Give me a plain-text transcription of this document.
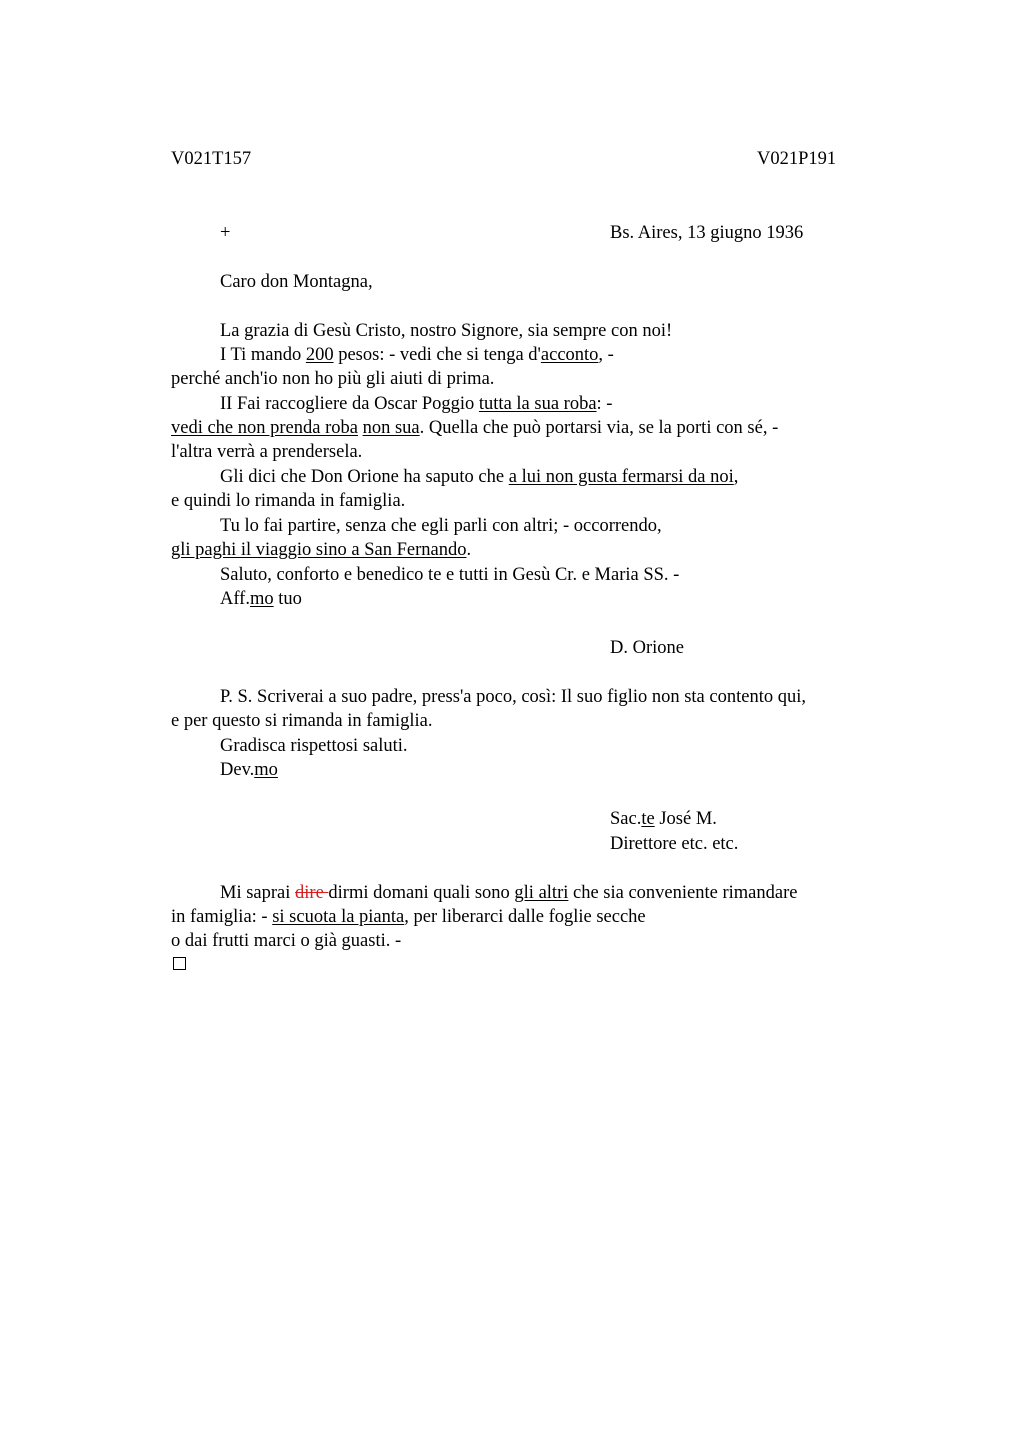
V021T157	V021P191
+	Bs. Aires, 13 giugno 1936
Caro don Montagna,
La grazia di Gesù Cristo, nostro Signore, sia sempre con noi!
I Ti mando 200 pesos: - vedi che si tenga d'acconto, -
perché anch'io non ho più gli aiuti di prima.
II Fai raccogliere da Oscar Poggio tutta la sua roba: -
vedi che non prenda roba non sua. Quella che può portarsi via, se la porti con sé, -
l'altra verrà a prendersela.
Gli dici che Don Orione ha saputo che a lui non gusta fermarsi da noi,
e quindi lo rimanda in famiglia.
Tu lo fai partire, senza che egli parli con altri; - occorrendo,
gli paghi il viaggio sino a San Fernando.
Saluto, conforto e benedico te e tutti in Gesù Cr. e Maria SS. -
Aff.mo tuo
D. Orione
P. S. Scriverai a suo padre, press'a poco, così: Il suo figlio non sta contento qui,
e per questo si rimanda in famiglia.
Gradisca rispettosi saluti.
Dev.mo
Sac.te José M.
Direttore etc. etc.
Mi saprai dire dirmi domani quali sono gli altri che sia conveniente rimandare
in famiglia: - si scuota la pianta, per liberarci dalle foglie secche
o dai frutti marci o già guasti. -
